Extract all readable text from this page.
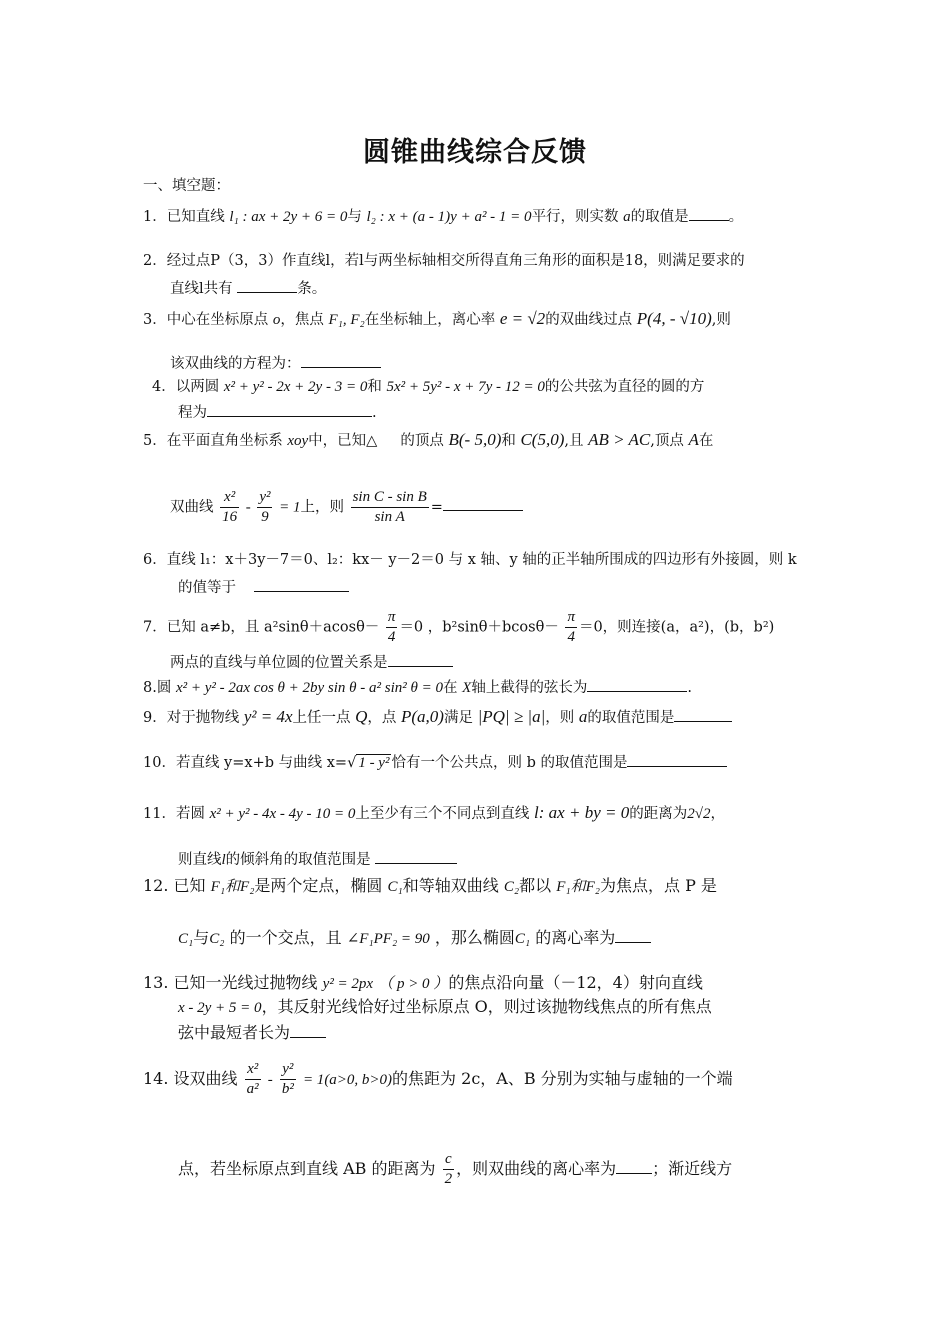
圆锥曲线综合反馈
一、填空题：
1．已知直线 l₁ : ax + 2y + 6 = 0与 l₂ : x + (a - 1)y + a² - 1 = 0平行，则实数 a的取值是	。
2．经过点P（3，3）作直线l，若l与两坐标轴相交所得直角三角形的面积是18，则满足要求的
直线l共有	条。
3．中心在坐标原点 o，焦点 F₁, F₂在坐标轴上，离心率 e = √2的双曲线过点 P(4, - √10),则
该双曲线的方程为：
4．以两圆 x² + y² - 2x + 2y - 3 = 0和 5x² + 5y² - x + 7y - 12 = 0的公共弦为直径的圆的方
程为	.
5．在平面直角坐标系 xoy中，已知△ 的顶点 B(- 5,0)和 C(5,0),且 AB > AC,顶点 A在
双曲线 $\frac{\text{x²}}{16} - \frac{\text{y²}}{9} = 1$上，则 $\frac{\text{sin C - sin B}}{\text{sin A}}$ =
6．直线 l₁：x＋3y－7＝0、l₂：kx－ y－2＝0 与 x 轴、y 轴的正半轴所围成的四边形有外接圆，则 k
的值等于
7．已知 a≠b，且 $a^2\sin\theta+acos\theta- \frac{\pi}{4} =0$ ，$b^2\sin\theta+bcos\theta- \frac{\pi}{4} =0$，则连接(a，a²)，(b，b²)
两点的直线与单位圆的位置关系是
8.圆 x² + y² - 2ax cos θ + 2by sin θ - a² sin² θ = 0在 X轴上截得的弦长为	.
9．对于抛物线 y² = 4x上任一点 Q，点 P(a,0)满足 |PQ| ≥ |a|，则 a的取值范围是
10．若直线 y=x+b 与曲线 x=√ 1 - y² 恰有一个公共点，则 b 的取值范围是
11．若圆 x² + y² - 4x - 4y - 10 = 0上至少有三个不同点到直线 l: ax + by = 0的距离为2√2，
则直线l的倾斜角的取值范围是
12. 已知 F₁和F₂是两个定点，椭圆 C₁和等轴双曲线 C₂都以 F₁和F₂为焦点，点 P 是
C₁与C₂ 的一个交点，且 ∠F₁PF₂ = 90 ，那么椭圆C₁ 的离心率为
13. 已知一光线过抛物线 y² = 2px （ p > 0 ）的焦点沿向量（－12，4）射向直线
x - 2y + 5 = 0，其反射光线恰好过坐标原点 O，则过该抛物线焦点的所有焦点
弦中最短者长为
14. 设双曲线 $\frac{\text{x²}}{\text{a²}} - \frac{\text{y²}}{\text{b²}} = 1(a>0$, b>0)的焦距为 2c，A、B 分别为实轴与虚轴的一个端
点，若坐标原点到直线 AB 的距离为 $\frac{c}{2}$ ，则双曲线的离心率为 ；渐近线方
